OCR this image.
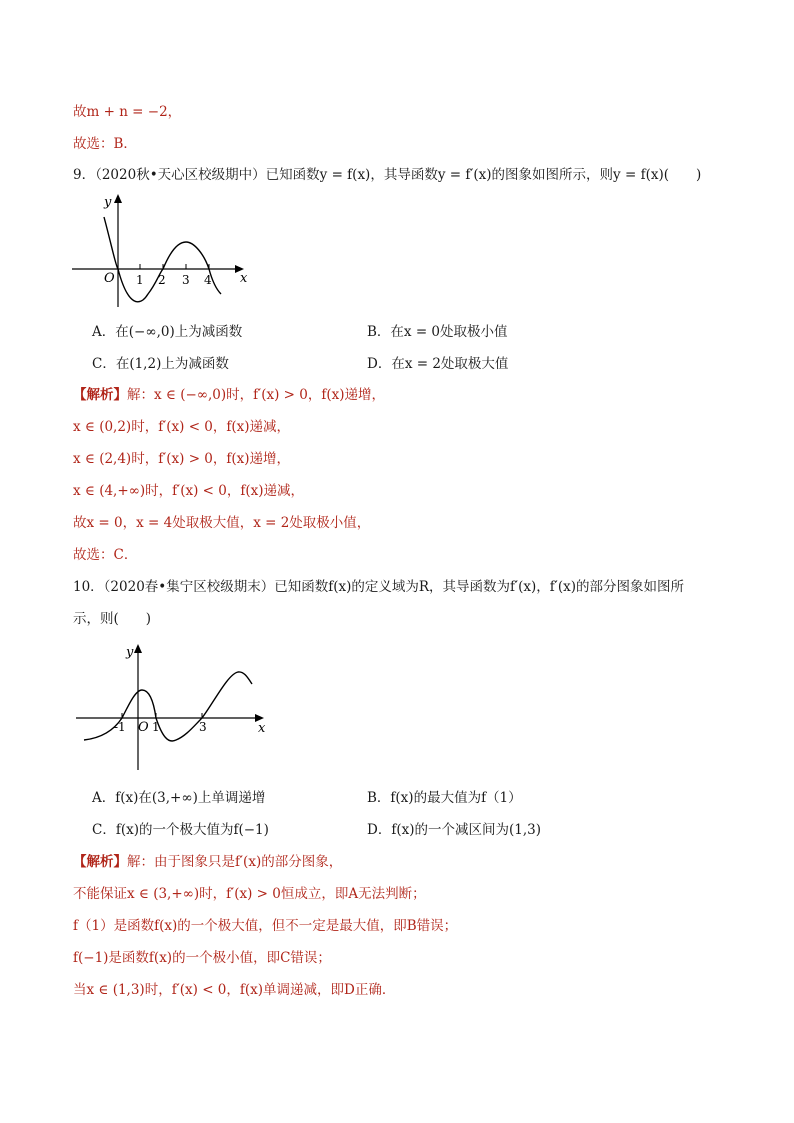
故m + n = −2，
故选：B．
9．（2020秋•天心区校级期中）已知函数y = f(x)，其导函数y = f′(x)的图象如图所示，则y = f(x)(　　)
y
x
O 1 2 3 4
A．在(−∞,0)上为减函数	B．在x = 0处取极小值
C．在(1,2)上为减函数	D．在x = 2处取极大值
【解析】解：x ∈ (−∞,0)时，f′(x) > 0，f(x)递增，
x ∈ (0,2)时，f′(x) < 0，f(x)递减，
x ∈ (2,4)时，f′(x) > 0，f(x)递增，
x ∈ (4,+∞)时，f′(x) < 0，f(x)递减，
故x = 0，x = 4处取极大值，x = 2处取极小值，
故选：C．
10．（2020春•集宁区校级期末）已知函数f(x)的定义域为R，其导函数为f′(x)，f′(x)的部分图象如图所
示，则(　　)
y
x
O
-1 1	3
A．f(x)在(3,+∞)上单调递增	B．f(x)的最大值为f（1）
C．f(x)的一个极大值为f(−1)	D．f(x)的一个减区间为(1,3)
【解析】解：由于图象只是f′(x)的部分图象，
不能保证x ∈ (3,+∞)时，f′(x) > 0恒成立，即A无法判断；
f（1）是函数f(x)的一个极大值，但不一定是最大值，即B错误；
f(−1)是函数f(x)的一个极小值，即C错误；
当x ∈ (1,3)时，f′(x) < 0，f(x)单调递减，即D正确．
